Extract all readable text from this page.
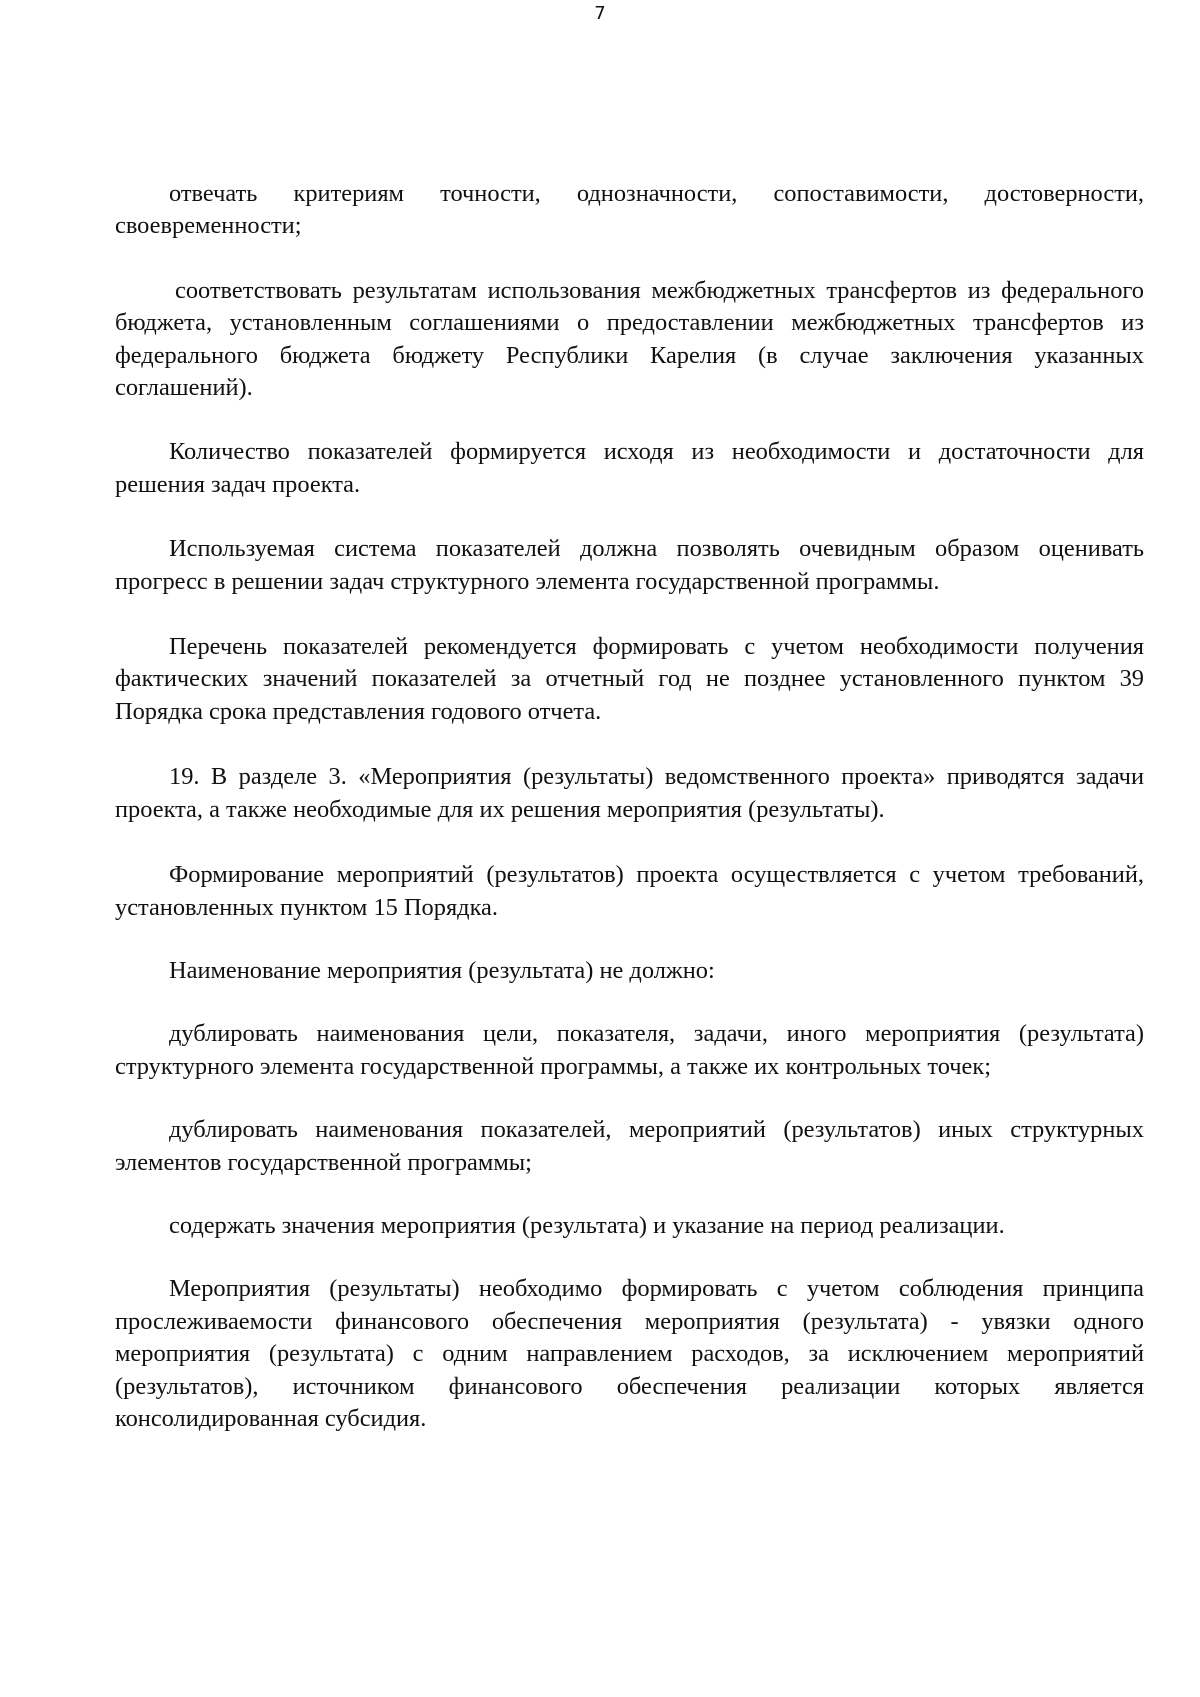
7

отвечать критериям точности, однозначности, сопоставимости, достоверности, своевременности;

соответствовать результатам использования межбюджетных трансфертов из федерального бюджета, установленным соглашениями о предоставлении межбюджетных трансфертов из федерального бюджета бюджету Республики Карелия (в случае заключения указанных соглашений).

Количество показателей формируется исходя из необходимости и достаточности для решения задач проекта.

Используемая система показателей должна позволять очевидным образом оценивать прогресс в решении задач структурного элемента государственной программы.

Перечень показателей рекомендуется формировать с учетом необходимости получения фактических значений показателей за отчетный год не позднее установленного пунктом 39 Порядка срока представления годового отчета.

19. В разделе 3. «Мероприятия (результаты) ведомственного проекта» приводятся задачи проекта, а также необходимые для их решения мероприятия (результаты).

Формирование мероприятий (результатов) проекта осуществляется с учетом требований, установленных пунктом 15 Порядка.

Наименование мероприятия (результата) не должно:

дублировать наименования цели, показателя, задачи, иного мероприятия (результата) структурного элемента государственной программы, а также их контрольных точек;

дублировать наименования показателей, мероприятий (результатов) иных структурных элементов государственной программы;

содержать значения мероприятия (результата) и указание на период реализации.

Мероприятия (результаты) необходимо формировать с учетом соблюдения принципа прослеживаемости финансового обеспечения мероприятия (результата) - увязки одного мероприятия (результата) с одним направлением расходов, за исключением мероприятий (результатов), источником финансового обеспечения реализации которых является консолидированная субсидия.
